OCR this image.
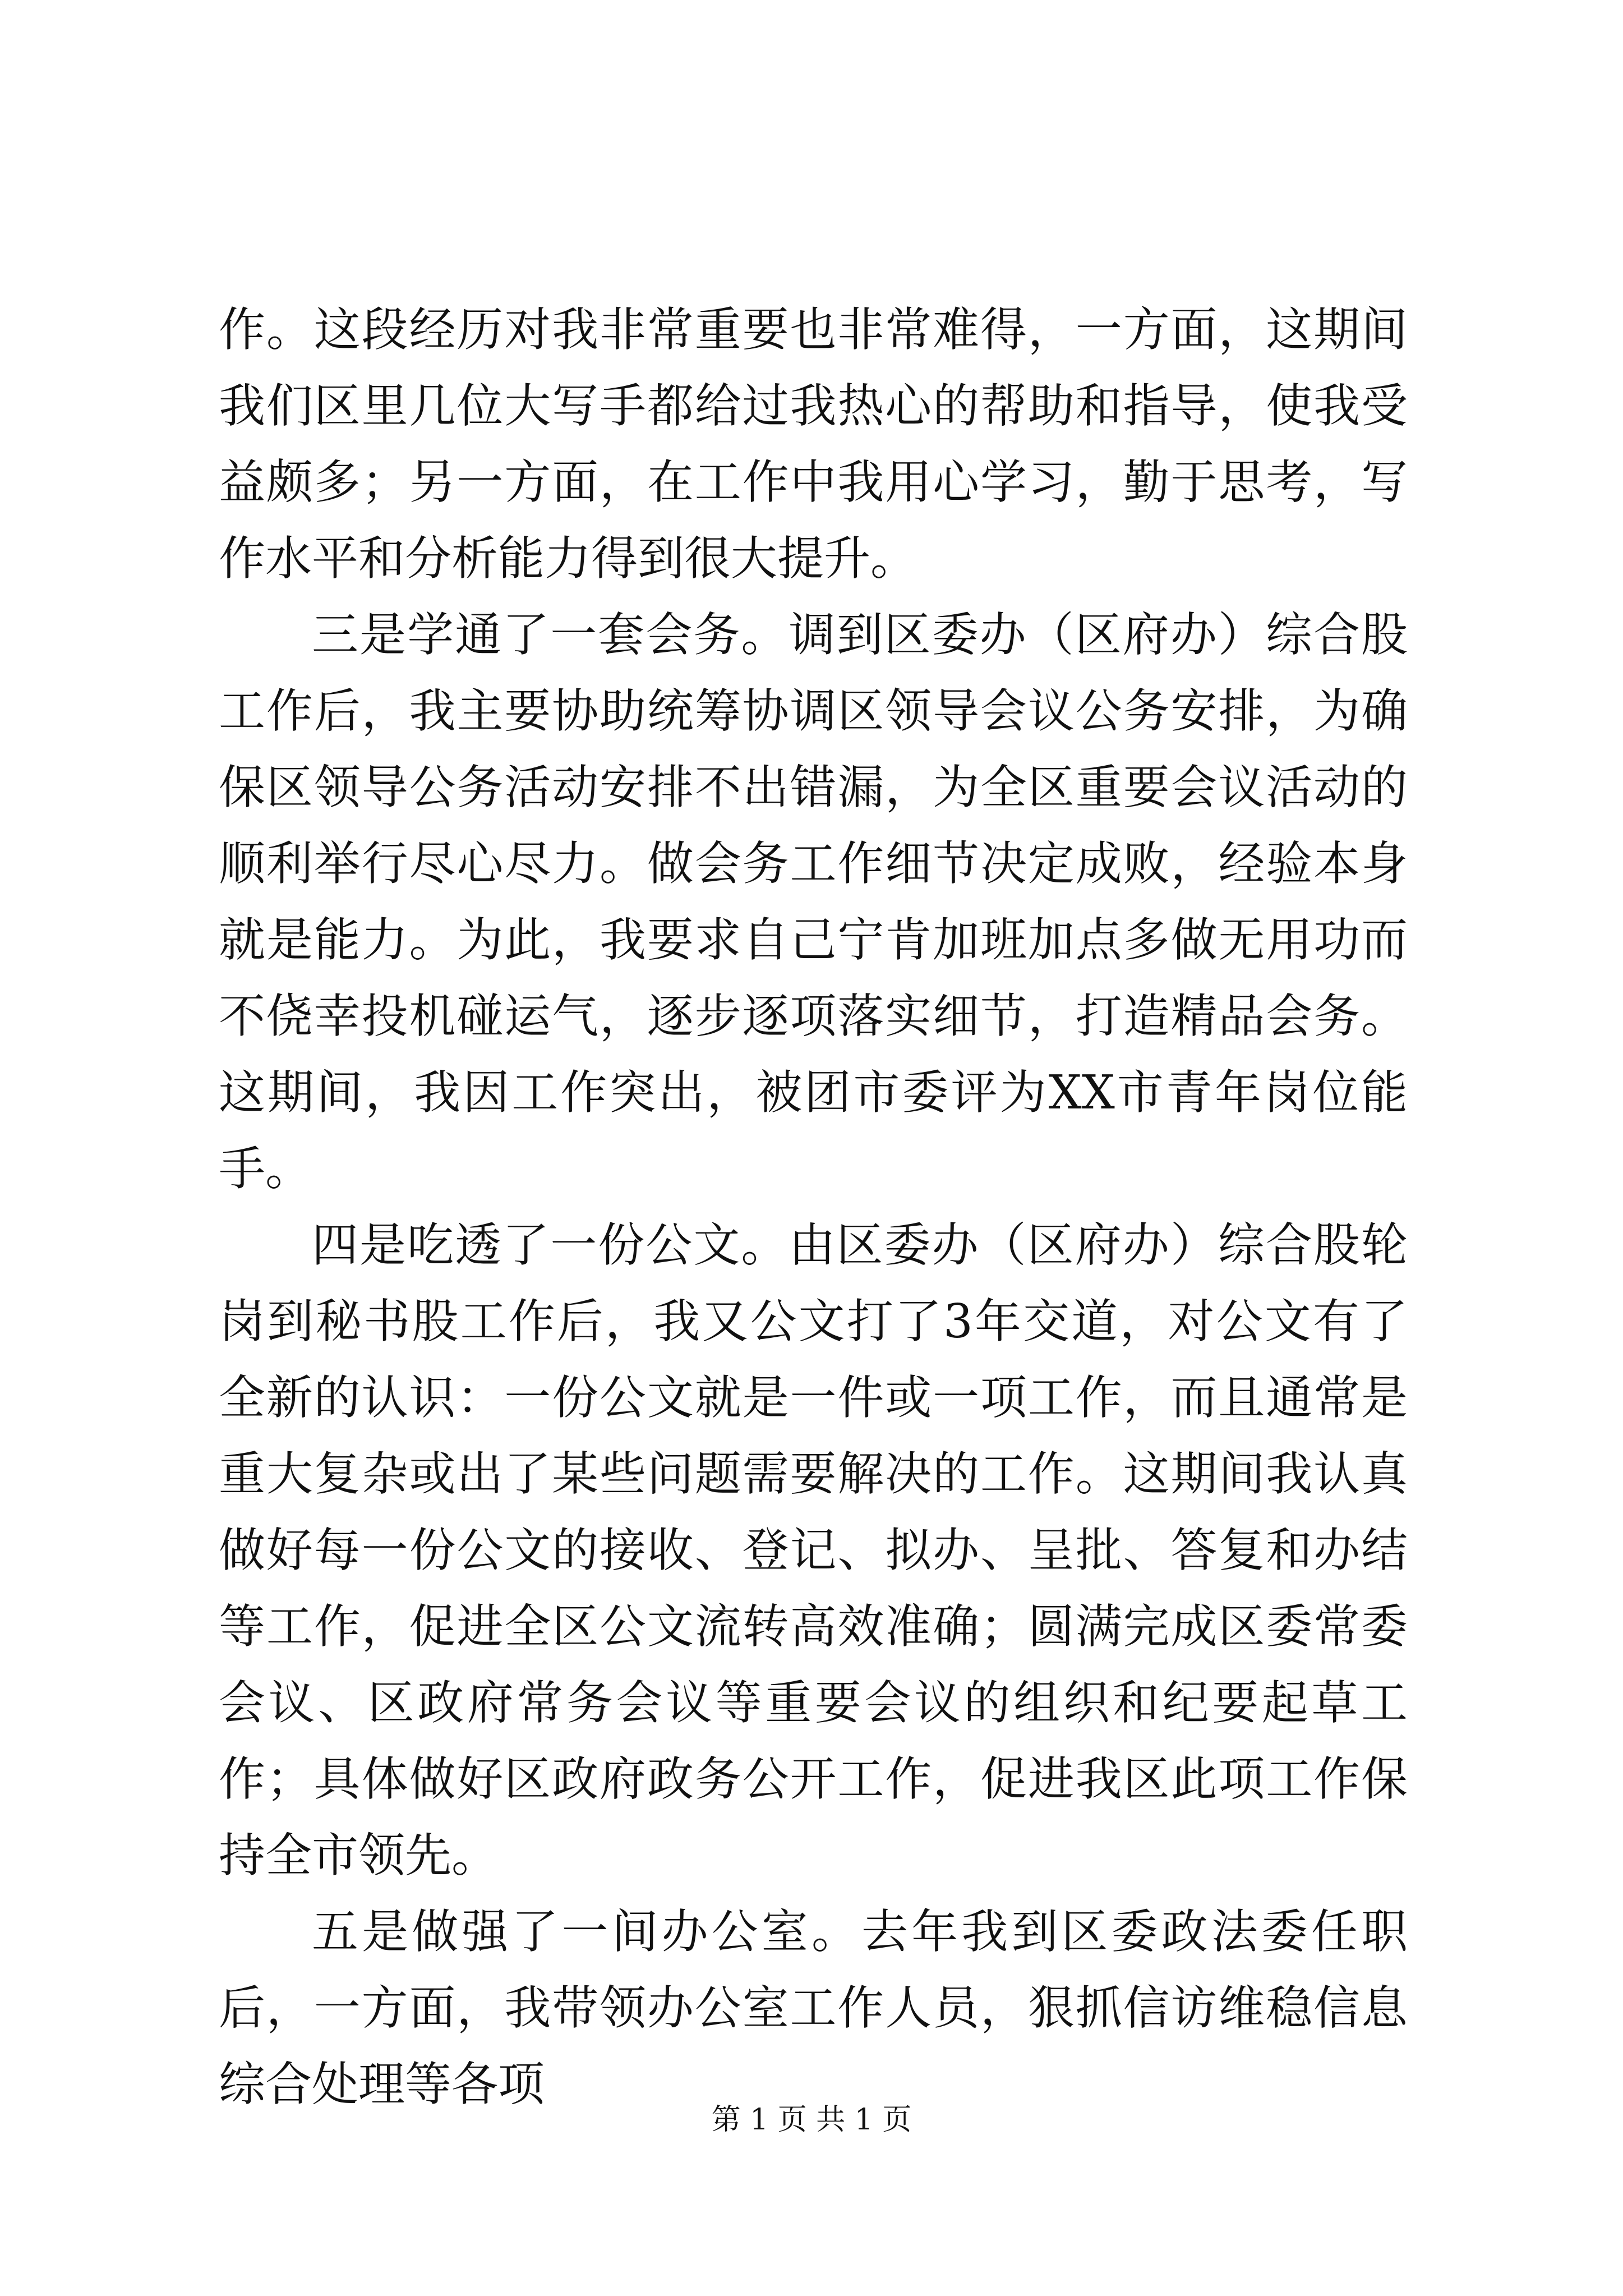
作。这段经历对我非常重要也非常难得，一方面，这期间我们区里几位大写手都给过我热心的帮助和指导，使我受益颇多；另一方面，在工作中我用心学习，勤于思考，写作水平和分析能力得到很大提升。

三是学通了一套会务。调到区委办（区府办）综合股工作后，我主要协助统筹协调区领导会议公务安排，为确保区领导公务活动安排不出错漏，为全区重要会议活动的顺利举行尽心尽力。做会务工作细节决定成败，经验本身就是能力。为此，我要求自己宁肯加班加点多做无用功而不侥幸投机碰运气，逐步逐项落实细节，打造精品会务。这期间，我因工作突出，被团市委评为XX市青年岗位能手。

四是吃透了一份公文。由区委办（区府办）综合股轮岗到秘书股工作后，我又公文打了3年交道，对公文有了全新的认识：一份公文就是一件或一项工作，而且通常是重大复杂或出了某些问题需要解决的工作。这期间我认真做好每一份公文的接收、登记、拟办、呈批、答复和办结等工作，促进全区公文流转高效准确；圆满完成区委常委会议、区政府常务会议等重要会议的组织和纪要起草工作；具体做好区政府政务公开工作，促进我区此项工作保持全市领先。

五是做强了一间办公室。去年我到区委政法委任职后，一方面，我带领办公室工作人员，狠抓信访维稳信息综合处理等各项

第 1 页 共 1 页
